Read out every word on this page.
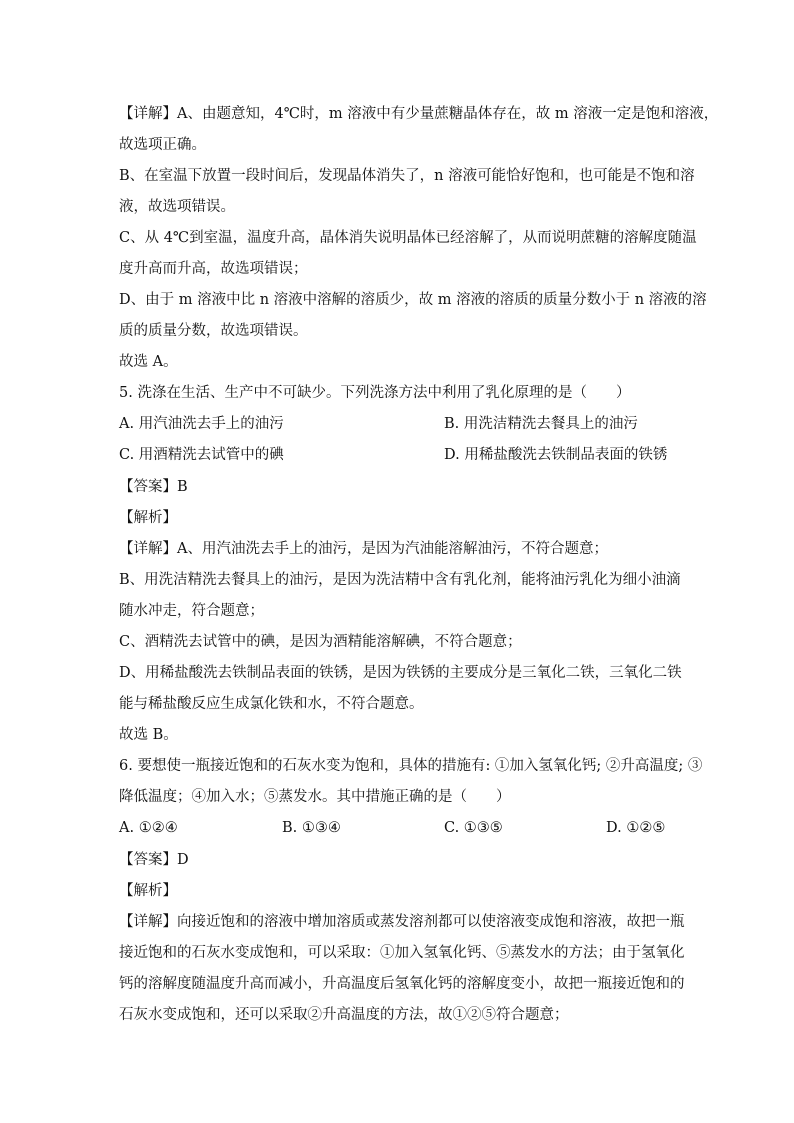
【详解】A、由题意知，4℃时，m 溶液中有少量蔗糖晶体存在，故 m 溶液一定是饱和溶液，
故选项正确。
B、在室温下放置一段时间后，发现晶体消失了，n 溶液可能恰好饱和，也可能是不饱和溶
液，故选项错误。
C、从 4℃到室温，温度升高，晶体消失说明晶体已经溶解了，从而说明蔗糖的溶解度随温
度升高而升高，故选项错误；
D、由于 m 溶液中比 n 溶液中溶解的溶质少，故 m 溶液的溶质的质量分数小于 n 溶液的溶
质的质量分数，故选项错误。
故选 A。
5. 洗涤在生活、生产中不可缺少。下列洗涤方法中利用了乳化原理的是（　　）
A. 用汽油洗去手上的油污	B. 用洗洁精洗去餐具上的油污
C. 用酒精洗去试管中的碘	D. 用稀盐酸洗去铁制品表面的铁锈
【答案】B
【解析】
【详解】A、用汽油洗去手上的油污，是因为汽油能溶解油污，不符合题意；
B、用洗洁精洗去餐具上的油污，是因为洗洁精中含有乳化剂，能将油污乳化为细小油滴
随水冲走，符合题意；
C、酒精洗去试管中的碘，是因为酒精能溶解碘，不符合题意；
D、用稀盐酸洗去铁制品表面的铁锈，是因为铁锈的主要成分是三氧化二铁，三氧化二铁
能与稀盐酸反应生成氯化铁和水，不符合题意。
故选 B。
6. 要想使一瓶接近饱和的石灰水变为饱和，具体的措施有: ①加入氢氧化钙; ②升高温度; ③
降低温度；④加入水；⑤蒸发水。其中措施正确的是（　　）
A. ①②④	B. ①③④	C. ①③⑤	D. ①②⑤
【答案】D
【解析】
【详解】向接近饱和的溶液中增加溶质或蒸发溶剂都可以使溶液变成饱和溶液，故把一瓶
接近饱和的石灰水变成饱和，可以采取：①加入氢氧化钙、⑤蒸发水的方法；由于氢氧化
钙的溶解度随温度升高而减小，升高温度后氢氧化钙的溶解度变小，故把一瓶接近饱和的
石灰水变成饱和，还可以采取②升高温度的方法，故①②⑤符合题意；
